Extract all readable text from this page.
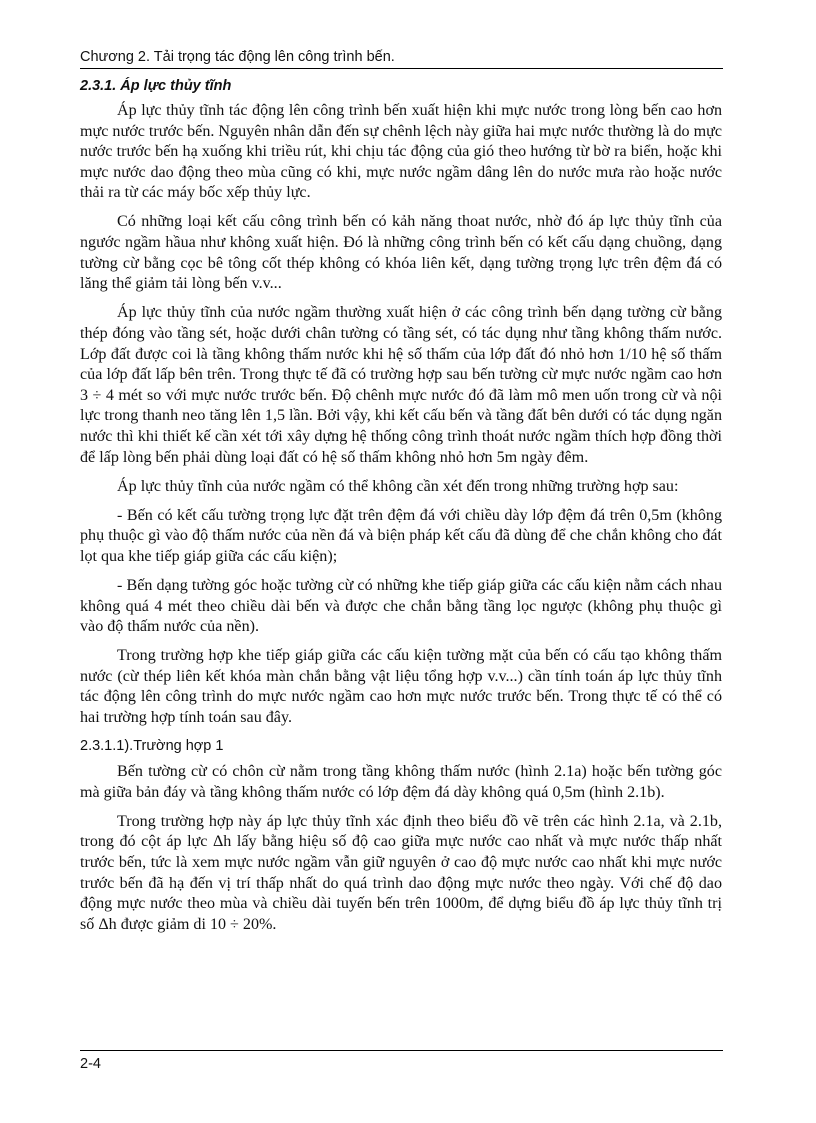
Chương 2. Tải trọng tác động lên công trình bến.
2.3.1. Áp lực thủy tĩnh

Áp lực thủy tĩnh tác động lên công trình bến xuất hiện khi mực nước trong lòng bến cao hơn mực nước trước bến. Nguyên nhân dẫn đến sự chênh lệch này giữa hai mực nước thường là do mực nước trước bến hạ xuống khi triều rút, khi chịu tác động của gió theo hướng từ bờ ra biển, hoặc khi mực nước dao động theo mùa cũng có khi, mực nước ngầm dâng lên do nước mưa rào hoặc nước thải ra từ các máy bốc xếp thủy lực.

Có những loại kết cấu công trình bến có kảh năng thoat nước, nhờ đó áp lực thủy tĩnh của ngước ngầm hầua như không xuất hiện. Đó là những công trình bến có kết cấu dạng chuồng, dạng tường cừ bằng cọc bê tông cốt thép không có khóa liên kết, dạng tường trọng lực trên đệm đá có lăng thể giảm tải lòng bến v.v...

Áp lực thủy tĩnh của nước ngầm thường xuất hiện ở các công trình bến dạng tường cừ bằng thép đóng vào tầng sét, hoặc dưới chân tường có tầng sét, có tác dụng như tầng không thấm nước. Lớp đất được coi là tầng không thấm nước khi hệ số thấm của lớp đất đó nhỏ hơn 1/10 hệ số thấm của lớp đất lấp bên trên. Trong thực tế đã có trường hợp sau bến tường cừ mực nước ngầm cao hơn 3 ÷ 4 mét so với mực nước trước bến. Độ chênh mực nước đó đã làm mô men uốn trong cừ và nội lực trong thanh neo tăng lên 1,5 lần. Bởi vậy, khi kết cấu bến và tầng đất bên dưới có tác dụng ngăn nước thì khi thiết kế cần xét tới xây dựng hệ thống công trình thoát nước ngầm thích hợp đồng thời để lấp lòng bến phải dùng loại đất có hệ số thấm không nhỏ hơn 5m ngày đêm.

Áp lực thủy tĩnh của nước ngầm có thể không cần xét đến trong những trường hợp sau:

- Bến có kết cấu tường trọng lực đặt trên đệm đá với chiều dày lớp đệm đá trên 0,5m (không phụ thuộc gì vào độ thấm nước của nền đá và biện pháp kết cấu đã dùng để che chắn không cho đát lọt qua khe tiếp giáp giữa các cấu kiện);

- Bến dạng tường góc hoặc tường cừ có những khe tiếp giáp giữa các cấu kiện nằm cách nhau không quá 4 mét theo chiều dài bến và được che chắn bằng tầng lọc ngược (không phụ thuộc gì vào độ thấm nước của nền).

Trong trường hợp khe tiếp giáp giữa các cấu kiện tường mặt của bến có cấu tạo không thấm nước (cừ thép liên kết khóa màn chắn bằng vật liệu tổng hợp v.v...) cần tính toán áp lực thủy tĩnh tác động lên công trình do mực nước ngầm cao hơn mực nước trước bến. Trong thực tế có thể có hai trường hợp tính toán sau đây.

2.3.1.1).Trường hợp 1

Bến tường cừ có chôn cừ nằm trong tầng không thấm nước (hình 2.1a) hoặc bến tường góc mà giữa bản đáy và tầng không thấm nước có lớp đệm đá dày không quá 0,5m (hình 2.1b).

Trong trường hợp này áp lực thủy tĩnh xác định theo biểu đồ vẽ trên các hình 2.1a, và 2.1b, trong đó cột áp lực Δh lấy bằng hiệu số độ cao giữa mực nước cao nhất và mực nước thấp nhất trước bến, tức là xem mực nước ngầm vẫn giữ nguyên ở cao độ mực nước cao nhất khi mực nước trước bến đã hạ đến vị trí thấp nhất do quá trình dao động mực nước theo ngày. Với chế độ dao động mực nước theo mùa và chiều dài tuyến bến trên 1000m, để dựng biểu đồ áp lực thủy tĩnh trị số Δh được giảm di 10 ÷ 20%.

2-4
